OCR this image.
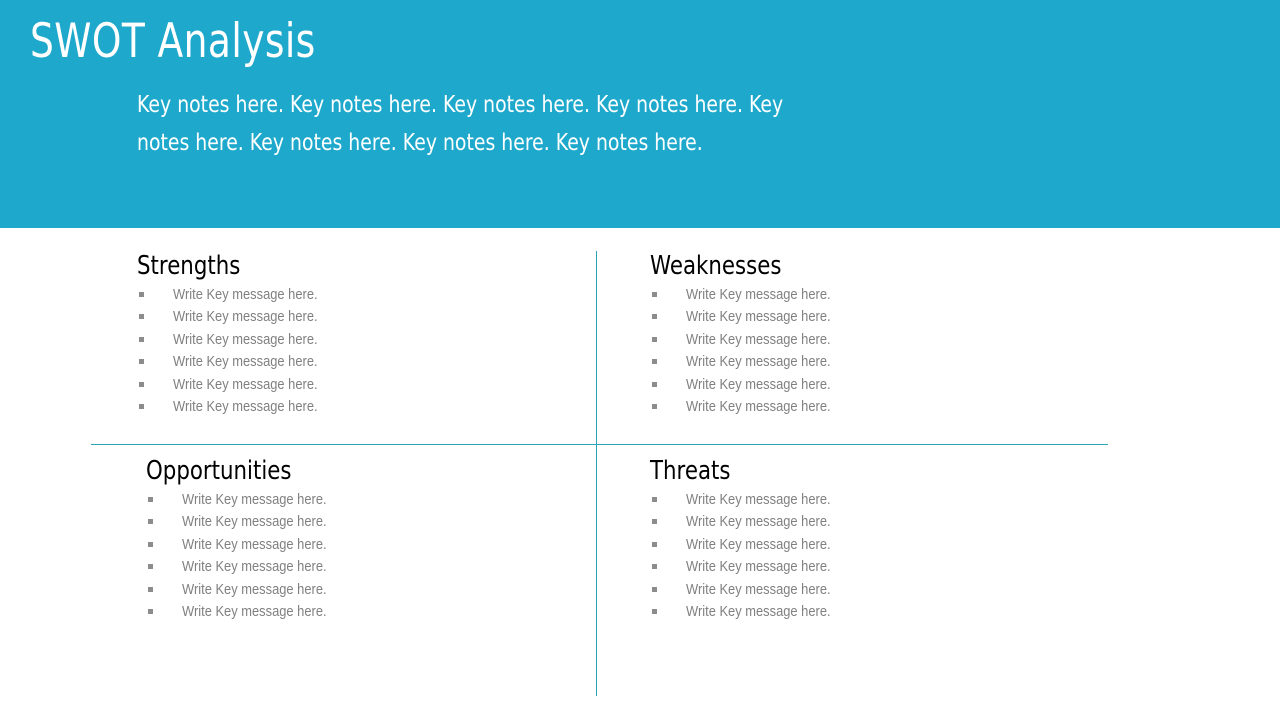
SWOT Analysis

Key notes here. Key notes here. Key notes here. Key notes here. Key notes here. Key notes here. Key notes here. Key notes here.

Strengths
Write Key message here.
Write Key message here.
Write Key message here.
Write Key message here.
Write Key message here.
Write Key message here.
Weaknesses
Write Key message here.
Write Key message here.
Write Key message here.
Write Key message here.
Write Key message here.
Write Key message here.
Opportunities
Write Key message here.
Write Key message here.
Write Key message here.
Write Key message here.
Write Key message here.
Write Key message here.
Threats
Write Key message here.
Write Key message here.
Write Key message here.
Write Key message here.
Write Key message here.
Write Key message here.
